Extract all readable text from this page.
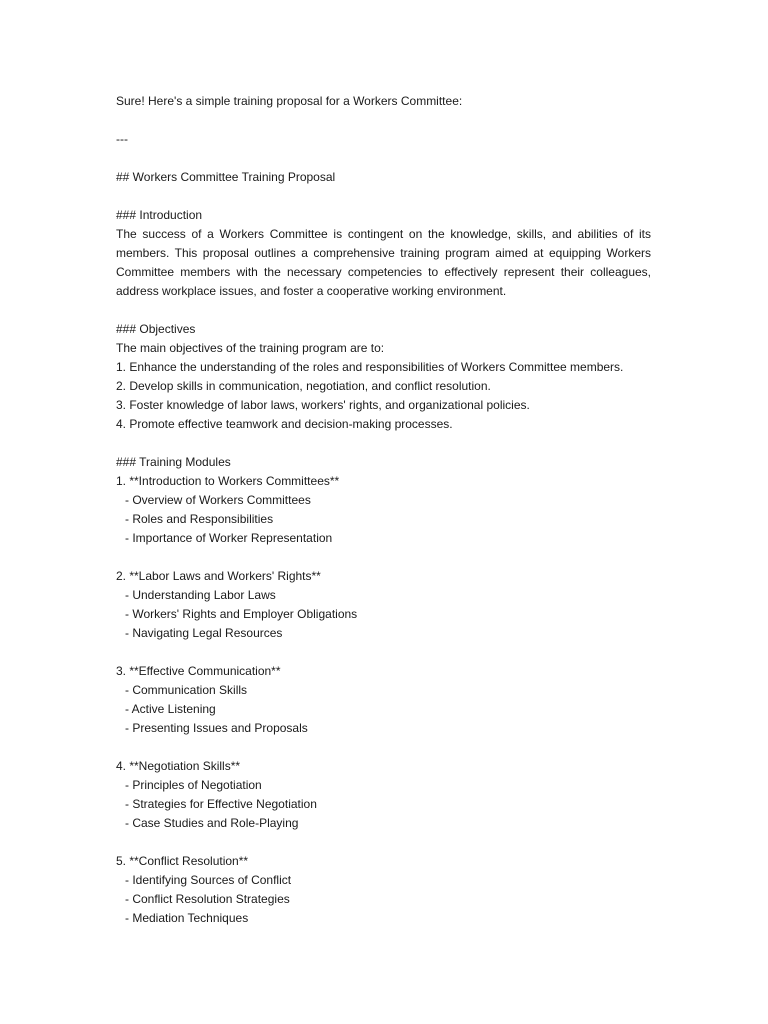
Sure! Here's a simple training proposal for a Workers Committee:
---
## Workers Committee Training Proposal
### Introduction
The success of a Workers Committee is contingent on the knowledge, skills, and abilities of its members. This proposal outlines a comprehensive training program aimed at equipping Workers Committee members with the necessary competencies to effectively represent their colleagues, address workplace issues, and foster a cooperative working environment.
### Objectives
The main objectives of the training program are to:
1. Enhance the understanding of the roles and responsibilities of Workers Committee members.
2. Develop skills in communication, negotiation, and conflict resolution.
3. Foster knowledge of labor laws, workers' rights, and organizational policies.
4. Promote effective teamwork and decision-making processes.
### Training Modules
1. **Introduction to Workers Committees**
- Overview of Workers Committees
- Roles and Responsibilities
- Importance of Worker Representation
2. **Labor Laws and Workers' Rights**
- Understanding Labor Laws
- Workers' Rights and Employer Obligations
- Navigating Legal Resources
3. **Effective Communication**
- Communication Skills
- Active Listening
- Presenting Issues and Proposals
4. **Negotiation Skills**
- Principles of Negotiation
- Strategies for Effective Negotiation
- Case Studies and Role-Playing
5. **Conflict Resolution**
- Identifying Sources of Conflict
- Conflict Resolution Strategies
- Mediation Techniques
